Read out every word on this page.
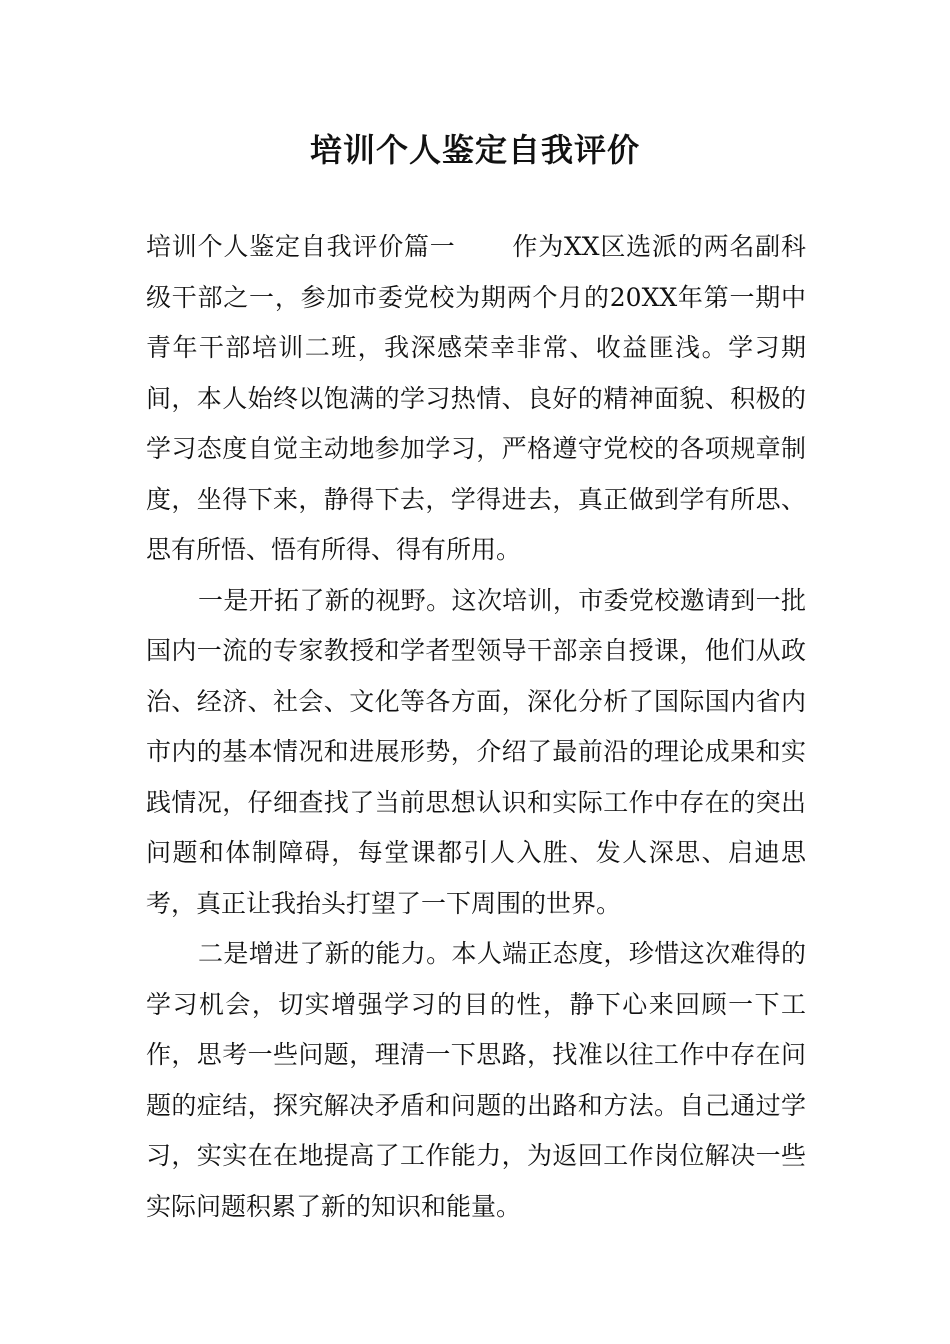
培训个人鉴定自我评价

培训个人鉴定自我评价篇一 作为XX区选派的两名副科级干部之一，参加市委党校为期两个月的20XX年第一期中青年干部培训二班，我深感荣幸非常、收益匪浅。学习期间，本人始终以饱满的学习热情、良好的精神面貌、积极的学习态度自觉主动地参加学习，严格遵守党校的各项规章制度，坐得下来，静得下去，学得进去，真正做到学有所思、思有所悟、悟有所得、得有所用。

一是开拓了新的视野。这次培训，市委党校邀请到一批国内一流的专家教授和学者型领导干部亲自授课，他们从政治、经济、社会、文化等各方面，深化分析了国际国内省内市内的基本情况和进展形势，介绍了最前沿的理论成果和实践情况，仔细查找了当前思想认识和实际工作中存在的突出问题和体制障碍，每堂课都引人入胜、发人深思、启迪思考，真正让我抬头打望了一下周围的世界。

二是增进了新的能力。本人端正态度，珍惜这次难得的学习机会，切实增强学习的目的性，静下心来回顾一下工作，思考一些问题，理清一下思路，找准以往工作中存在问题的症结，探究解决矛盾和问题的出路和方法。自己通过学习，实实在在地提高了工作能力，为返回工作岗位解决一些实际问题积累了新的知识和能量。
